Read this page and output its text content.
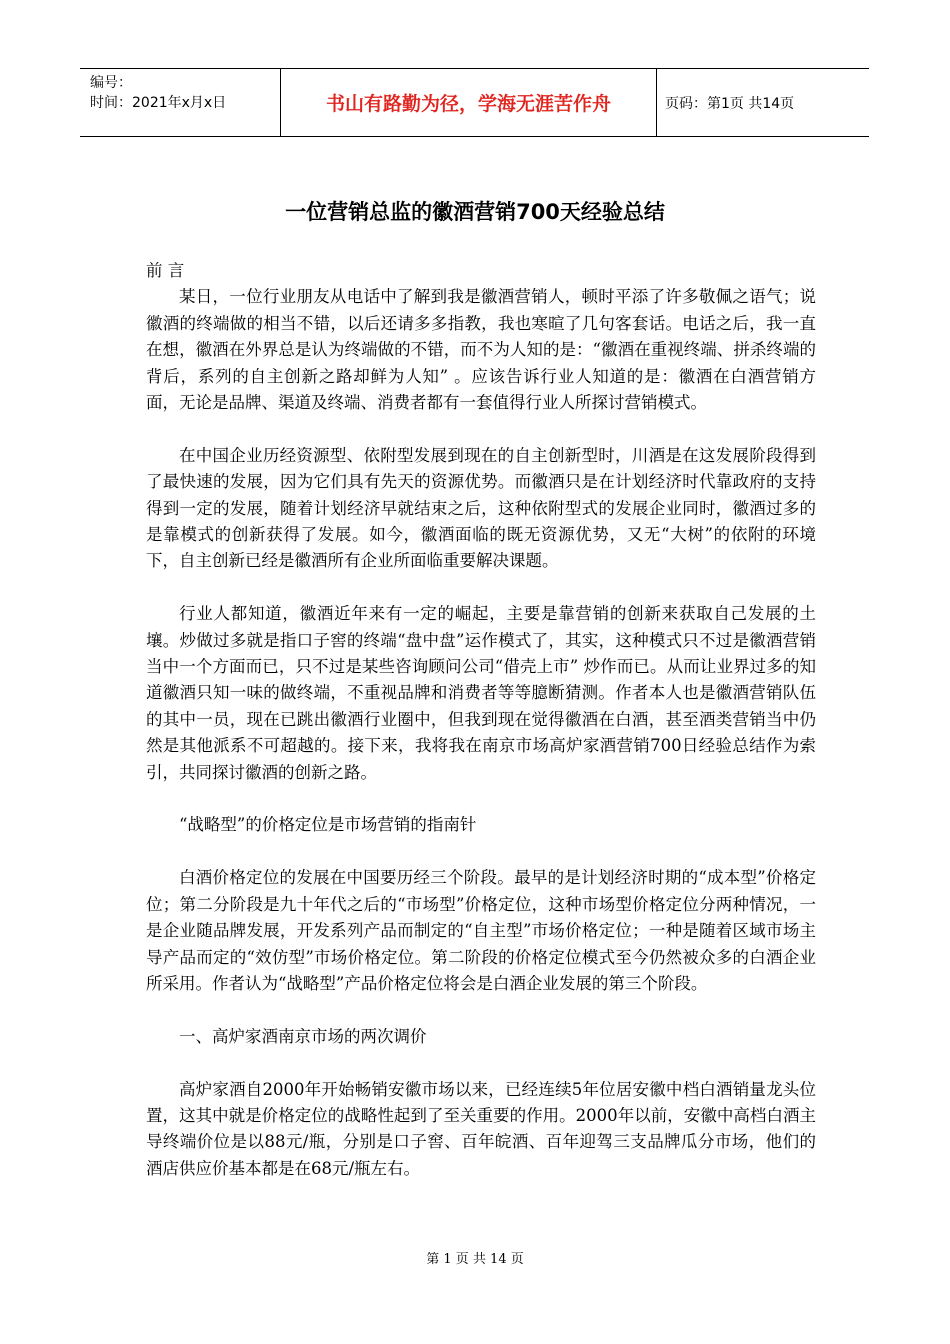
编号：
时间：2021年x月x日	书山有路勤为径，学海无涯苦作舟	页码：第1页 共14页
一位营销总监的徽酒营销700天经验总结

前 言

某日，一位行业朋友从电话中了解到我是徽酒营销人，顿时平添了许多敬佩之语气；说徽酒的终端做的相当不错，以后还请多多指教，我也寒暄了几句客套话。电话之后，我一直在想，徽酒在外界总是认为终端做的不错，而不为人知的是：“徽酒在重视终端、拼杀终端的背后，系列的自主创新之路却鲜为人知” 。应该告诉行业人知道的是：徽酒在白酒营销方面，无论是品牌、渠道及终端、消费者都有一套值得行业人所探讨营销模式。

在中国企业历经资源型、依附型发展到现在的自主创新型时，川酒是在这发展阶段得到了最快速的发展，因为它们具有先天的资源优势。而徽酒只是在计划经济时代靠政府的支持得到一定的发展，随着计划经济早就结束之后，这种依附型式的发展企业同时，徽酒过多的是靠模式的创新获得了发展。如今，徽酒面临的既无资源优势，又无“大树”的依附的环境下，自主创新已经是徽酒所有企业所面临重要解决课题。

行业人都知道，徽酒近年来有一定的崛起，主要是靠营销的创新来获取自己发展的土壤。炒做过多就是指口子窖的终端“盘中盘”运作模式了，其实，这种模式只不过是徽酒营销当中一个方面而已，只不过是某些咨询顾问公司“借壳上市” 炒作而已。从而让业界过多的知道徽酒只知一味的做终端，不重视品牌和消费者等等臆断猜测。作者本人也是徽酒营销队伍的其中一员，现在已跳出徽酒行业圈中，但我到现在觉得徽酒在白酒，甚至酒类营销当中仍然是其他派系不可超越的。接下来，我将我在南京市场高炉家酒营销700日经验总结作为索引，共同探讨徽酒的创新之路。

“战略型”的价格定位是市场营销的指南针

白酒价格定位的发展在中国要历经三个阶段。最早的是计划经济时期的“成本型”价格定位；第二分阶段是九十年代之后的“市场型”价格定位，这种市场型价格定位分两种情况，一是企业随品牌发展，开发系列产品而制定的“自主型”市场价格定位；一种是随着区域市场主导产品而定的“效仿型”市场价格定位。第二阶段的价格定位模式至今仍然被众多的白酒企业所采用。作者认为“战略型”产品价格定位将会是白酒企业发展的第三个阶段。

一、高炉家酒南京市场的两次调价

高炉家酒自2000年开始畅销安徽市场以来，已经连续5年位居安徽中档白酒销量龙头位置，这其中就是价格定位的战略性起到了至关重要的作用。2000年以前，安徽中高档白酒主导终端价位是以88元/瓶，分别是口子窖、百年皖酒、百年迎驾三支品牌瓜分市场，他们的酒店供应价基本都是在68元/瓶左右。

第 1 页 共 14 页
